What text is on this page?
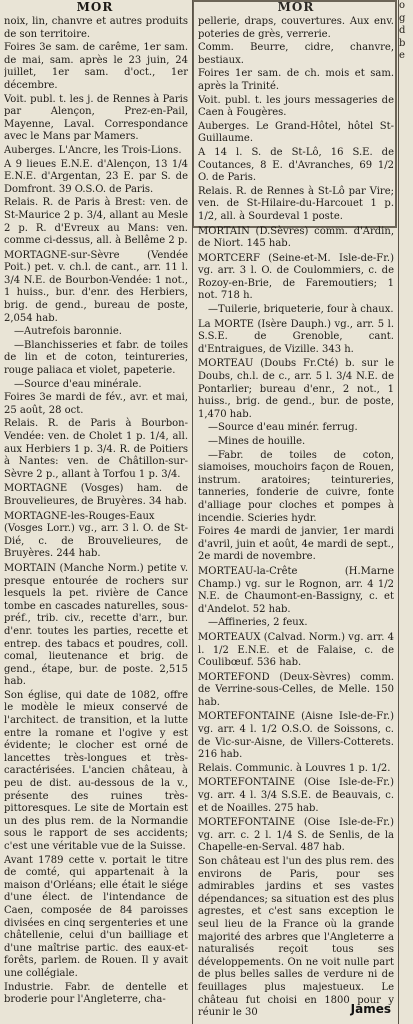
MOR	MOR

noix, lin, chanvre et autres produits de son territoire.

Foires 3e sam. de carême, 1er sam. de mai, sam. après le 23 juin, 24 juillet, 1er sam. d'oct., 1er décembre.

Voit. publ. t. les j. de Rennes à Paris par Alençon, Prez-en-Pail, Mayenne, Laval. Correspondance avec le Mans par Mamers.

Auberges. L'Ancre, les Trois-Lions.

A 9 lieues E.N.E. d'Alençon, 13 1/4 E.N.E. d'Argentan, 23 E. par S. de Domfront. 39 O.S.O. de Paris.

Relais. R. de Paris à Brest: ven. de St-Maurice 2 p. 3/4, allant au Mesle 2 p. R. d'Evreux au Mans: ven. comme ci-dessus, all. à Bellême 2 p.

MORTAGNE-sur-Sèvre (Vendée Poit.) pet. v. ch.l. de cant., arr. 11 l. 3/4 N.E. de Bourbon-Vendée: 1 not., 1 huiss., bur. d'enr. des Herbiers, brig. de gend., bureau de poste, 2,054 hab.

—Autrefois baronnie.

—Blanchisseries et fabr. de toiles de lin et de coton, teintureries, rouge paliaca et violet, papeterie.

—Source d'eau minérale.

Foires 3e mardi de fév., avr. et mai, 25 août, 28 oct.

Relais. R. de Paris à Bourbon-Vendée: ven. de Cholet 1 p. 1/4, all. aux Herbiers 1 p. 3/4. R. de Poitiers à Nantes: ven. de Châtillon-sur-Sèvre 2 p., allant à Torfou 1 p. 3/4.

MORTAGNE (Vosges) ham. de Brouvelieures, de Bruyères. 34 hab.

MORTAGNE-les-Rouges-Eaux (Vosges Lorr.) vg., arr. 3 l. O. de St-Dié, c. de Brouvelieures, de Bruyères. 244 hab.

MORTAIN (Manche Norm.) petite v. presque entourée de rochers sur lesquels la pet. rivière de Cance tombe en cascades naturelles, sous-préf., trib. civ., recette d'arr., bur. d'enr. toutes les parties, recette et entrep. des tabacs et poudres, coll. comal, lieutenance et brig. de gend., étape, bur. de poste. 2,515 hab.

Son église, qui date de 1082, offre le modèle le mieux conservé de l'architect. de transition, et la lutte entre la romane et l'ogive y est évidente; le clocher est orné de lancettes très-longues et très-caractérisées. L'ancien château, à peu de dist. au-dessous de la v., présente des ruines très-pittoresques. Le site de Mortain est un des plus rem. de la Normandie sous le rapport de ses accidents; c'est une véritable vue de la Suisse.

Avant 1789 cette v. portait le titre de comté, qui appartenait à la maison d'Orléans; elle était le siége d'une élect. de l'intendance de Caen, composée de 84 paroisses divisées en cinq sergenteries et une châtellenie, celui d'un bailliage et d'une maîtrise partic. des eaux-et-forêts, parlem. de Rouen. Il y avait une collégiale.

Industrie. Fabr. de dentelle et broderie pour l'Angleterre, cha-

pellerie, draps, couvertures. Aux env. poteries de grès, verrerie.

Comm. Beurre, cidre, chanvre, bestiaux.

Foires 1er sam. de ch. mois et sam. après la Trinité.

Voit. publ. t. les jours messageries de Caen à Fougères.

Auberges. Le Grand-Hôtel, hôtel St-Guillaume.

A 14 l. S. de St-Lô, 16 S.E. de Coutances, 8 E. d'Avranches, 69 1/2 O. de Paris.

Relais. R. de Rennes à St-Lô par Vire; ven. de St-Hilaire-du-Harcouet 1 p. 1/2, all. à Sourdeval 1 poste.

MORTAIN (D.Sèvres) comm. d'Ardin, de Niort. 145 hab.

MORTCERF (Seine-et-M. Isle-de-Fr.) vg. arr. 3 l. O. de Coulommiers, c. de Rozoy-en-Brie, de Faremoutiers; 1 not. 718 h.

—Tuilerie, briqueterie, four à chaux.

La MORTE (Isère Dauph.) vg., arr. 5 l. S.S.E. de Grenoble, cant. d'Entraigues, de Vizille. 343 h.

MORTEAU (Doubs Fr.Cté) b. sur le Doubs, ch.l. de c., arr. 5 l. 3/4 N.E. de Pontarlier; bureau d'enr., 2 not., 1 huiss., brig. de gend., bur. de poste, 1,470 hab.

—Source d'eau minér. ferrug.

—Mines de houille.

—Fabr. de toiles de coton, siamoises, mouchoirs façon de Rouen, instrum. aratoires; teintureries, tanneries, fonderie de cuivre, fonte d'alliage pour cloches et pompes à incendie. Scieries hydr.

Foires 4e mardi de janvier, 1er mardi d'avril, juin et août, 4e mardi de sept., 2e mardi de novembre.

MORTEAU-la-Crête (H.Marne Champ.) vg. sur le Rognon, arr. 4 1/2 N.E. de Chaumont-en-Bassigny, c. et d'Andelot. 52 hab.

—Affineries, 2 feux.

MORTEAUX (Calvad. Norm.) vg. arr. 4 l. 1/2 E.N.E. et de Falaise, c. de Coulibœuf. 536 hab.

MORTEFOND (Deux-Sèvres) comm. de Verrine-sous-Celles, de Melle. 150 hab.

MORTEFONTAINE (Aisne Isle-de-Fr.) vg. arr. 4 l. 1/2 O.S.O. de Soissons, c. de Vic-sur-Aisne, de Villers-Cotterets. 216 hab.

Relais. Communic. à Louvres 1 p. 1/2.

MORTEFONTAINE (Oise Isle-de-Fr.) vg. arr. 4 l. 3/4 S.S.E. de Beauvais, c. et de Noailles. 275 hab.

MORTEFONTAINE (Oise Isle-de-Fr.) vg. arr. c. 2 l. 1/4 S. de Senlis, de la Chapelle-en-Serval. 487 hab.

Son château est l'un des plus rem. des environs de Paris, pour ses admirables jardins et ses vastes dépendances; sa situation est des plus agrestes, et c'est sans exception le seul lieu de la France où la grande majorité des arbres que l'Angleterre a naturalisés reçoit tous ses développements. On ne voit nulle part de plus belles salles de verdure ni de feuillages plus majestueux. Le château fut choisi en 1800 pour y réunir le 30

o
g
d
b
e
James
